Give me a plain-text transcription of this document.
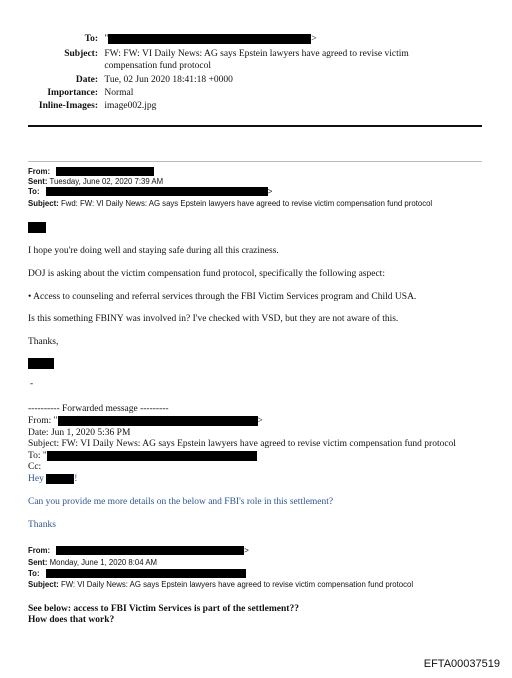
To: "	>
Subject: FW: FW: VI Daily News: AG says Epstein lawyers have agreed to revise victim
compensation fund protocol
Date: Tue, 02 Jun 2020 18:41:18 +0000
Importance: Normal
Inline-Images: image002.jpg
From:
Sent: Tuesday, June 02, 2020 7:39 AM
To:	>
Subject: Fwd: FW: VI Daily News: AG says Epstein lawyers have agreed to revise victim compensation fund protocol
I hope you're doing well and staying safe during all this craziness.
DOJ is asking about the victim compensation fund protocol, specifically the following aspect:
• Access to counseling and referral services through the FBI Victim Services program and Child USA.
Is this something FBINY was involved in? I've checked with VSD, but they are not aware of this.
Thanks,
-
---------- Forwarded message ---------
From: "	>
Date: Jun 1, 2020 5:36 PM
Subject: FW: VI Daily News: AG says Epstein lawyers have agreed to revise victim compensation fund protocol
To: "
Cc:
Hey	!
Can you provide me more details on the below and FBI's role in this settlement?
Thanks
From:	>
Sent: Monday, June 1, 2020 8:04 AM
To:
Subject: FW: VI Daily News: AG says Epstein lawyers have agreed to revise victim compensation fund protocol
See below: access to FBI Victim Services is part of the settlement??
How does that work?
EFTA00037519
